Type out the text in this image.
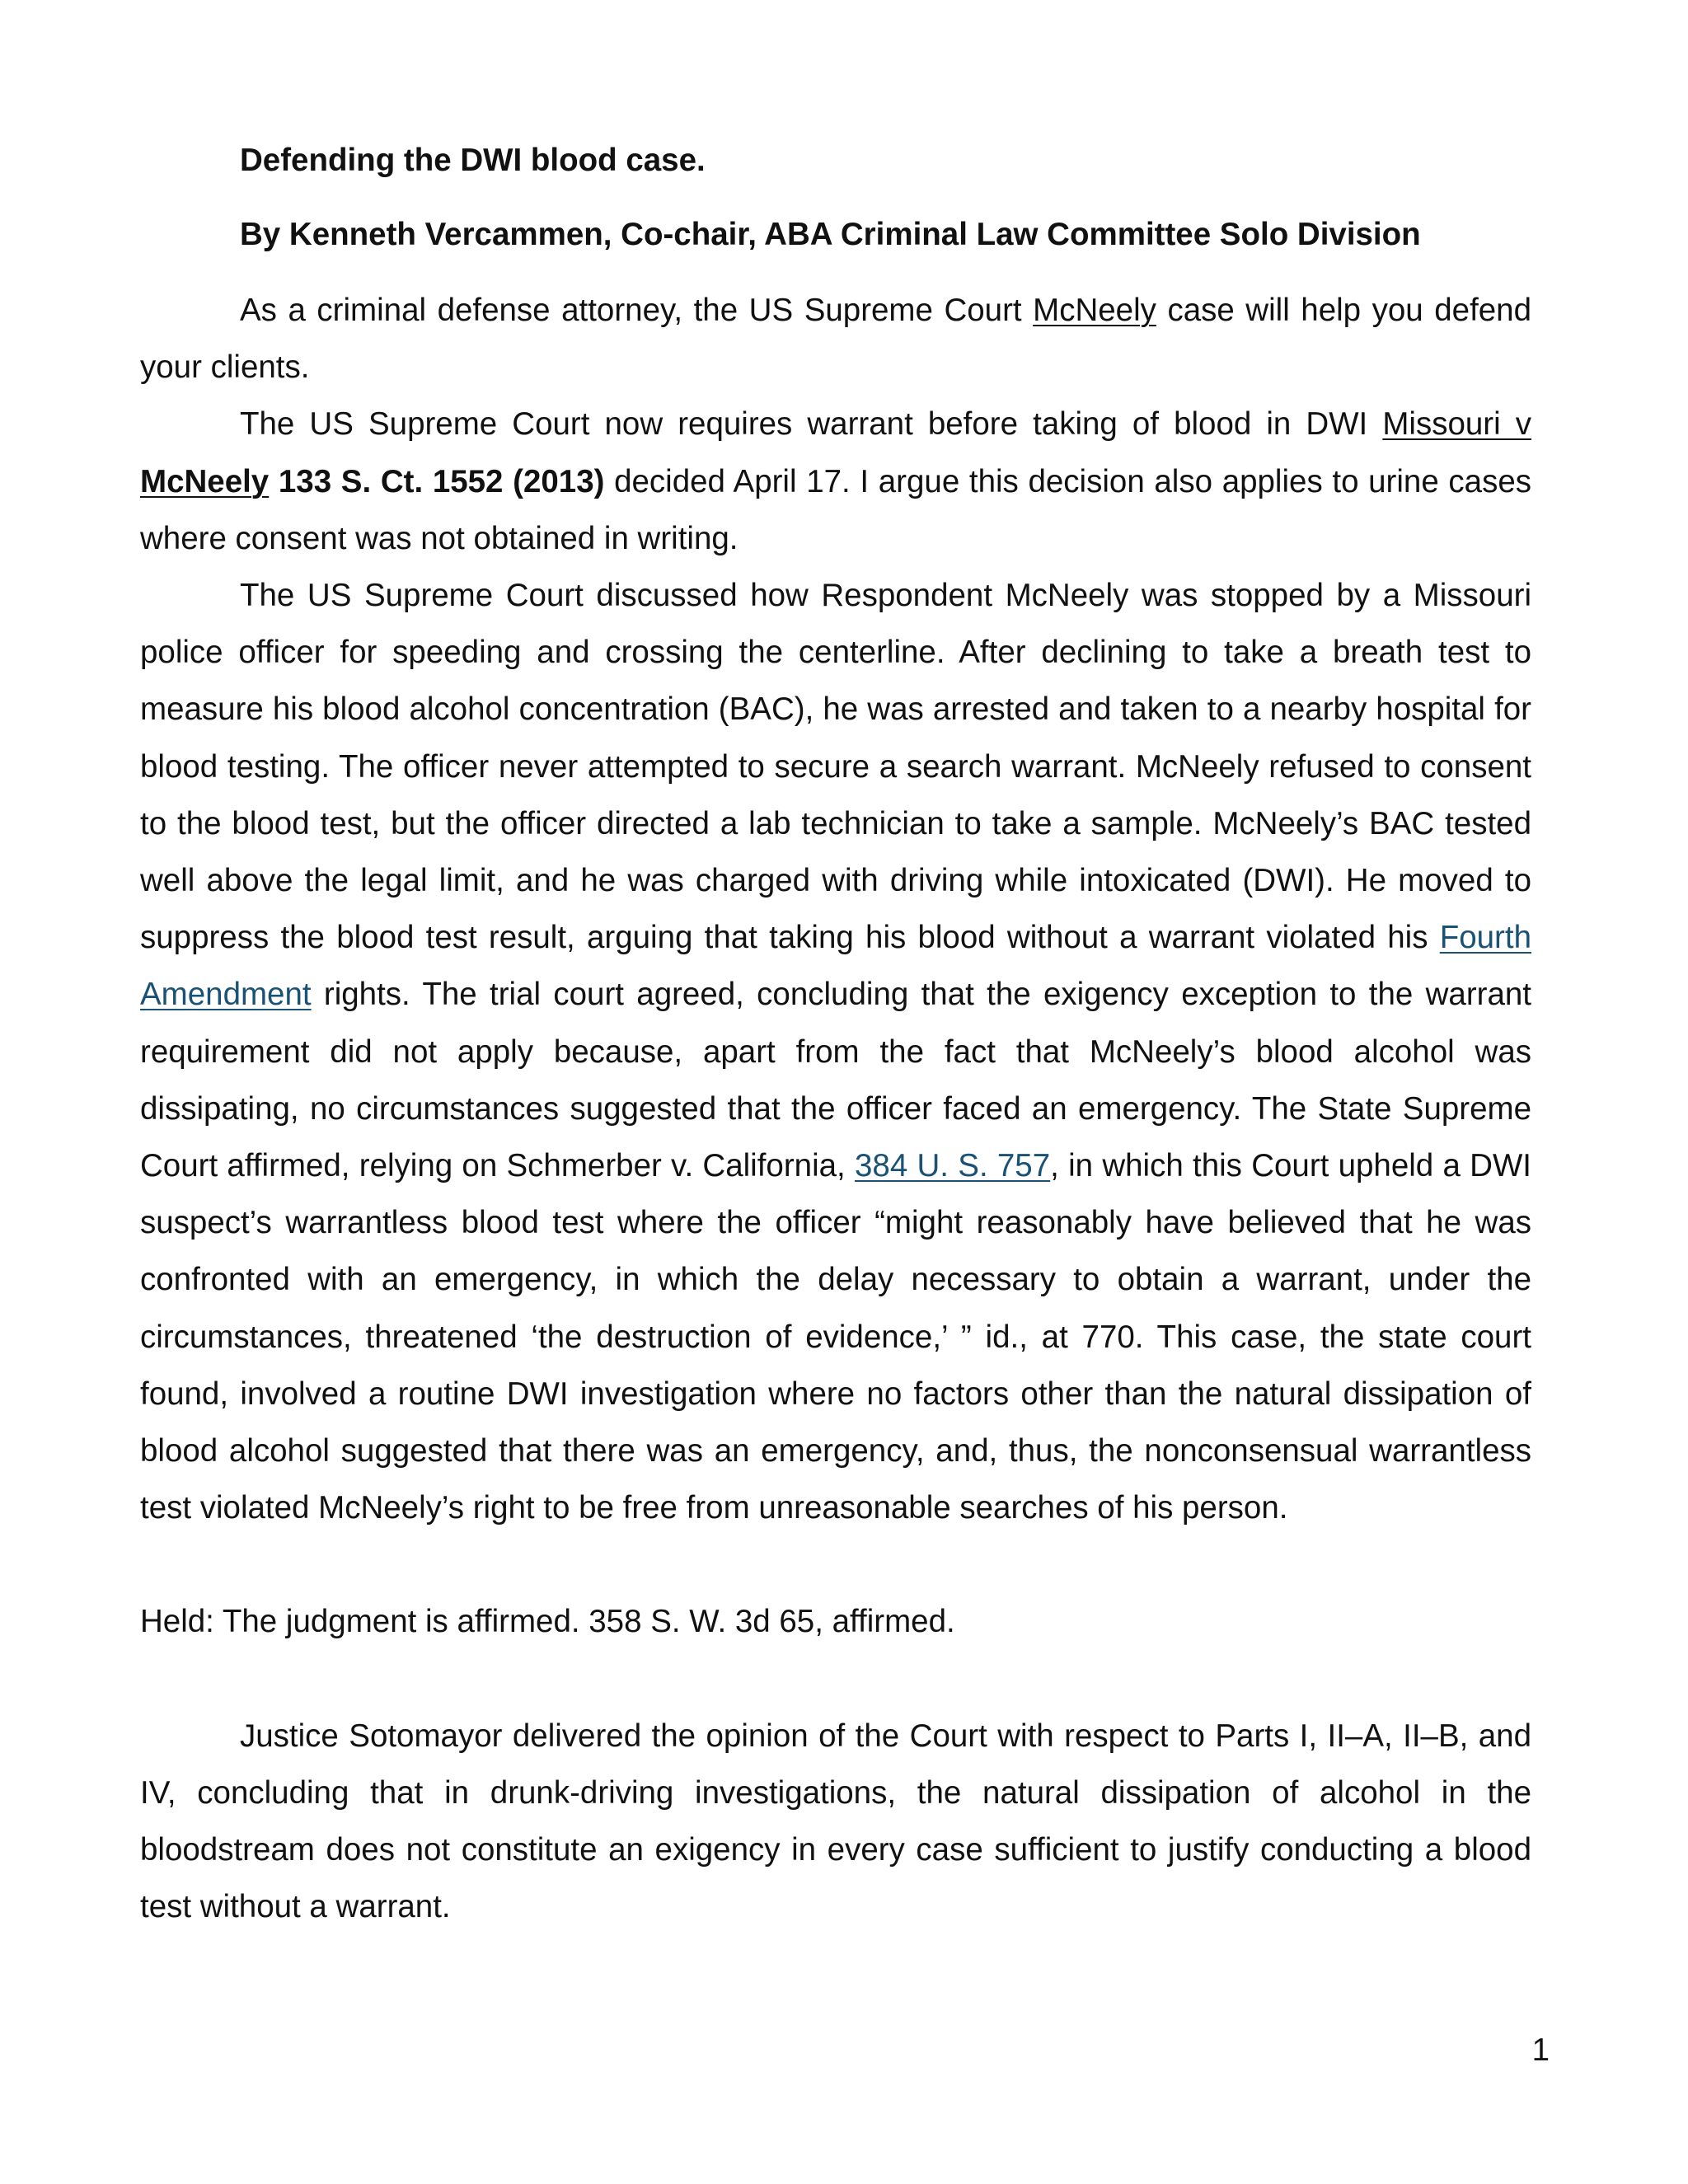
Defending the DWI blood case.
By Kenneth Vercammen, Co-chair, ABA Criminal Law Committee Solo Division

As a criminal defense attorney, the US Supreme Court McNeely case will help you defend your clients.

The US Supreme Court now requires warrant before taking of blood in DWI Missouri v McNeely 133 S. Ct. 1552 (2013) decided April 17. I argue this decision also applies to urine cases where consent was not obtained in writing.

The US Supreme Court discussed how Respondent McNeely was stopped by a Missouri police officer for speeding and crossing the centerline. After declining to take a breath test to measure his blood alcohol concentration (BAC), he was arrested and taken to a nearby hospital for blood testing. The officer never attempted to secure a search warrant. McNeely refused to consent to the blood test, but the officer directed a lab technician to take a sample. McNeely’s BAC tested well above the legal limit, and he was charged with driving while intoxicated (DWI). He moved to suppress the blood test result, arguing that taking his blood without a warrant violated his Fourth Amendment rights. The trial court agreed, concluding that the exigency exception to the warrant requirement did not apply because, apart from the fact that McNeely’s blood alcohol was dissipating, no circumstances suggested that the officer faced an emergency. The State Supreme Court affirmed, relying on Schmerber v. California, 384 U. S. 757, in which this Court upheld a DWI suspect’s warrantless blood test where the officer “might reasonably have believed that he was confronted with an emergency, in which the delay necessary to obtain a warrant, under the circumstances, threatened ‘the destruction of evidence,’ ” id., at 770. This case, the state court found, involved a routine DWI investigation where no factors other than the natural dissipation of blood alcohol suggested that there was an emergency, and, thus, the nonconsensual warrantless test violated McNeely’s right to be free from unreasonable searches of his person.

Held: The judgment is affirmed. 358 S. W. 3d 65, affirmed.

Justice Sotomayor delivered the opinion of the Court with respect to Parts I, II–A, II–B, and IV, concluding that in drunk-driving investigations, the natural dissipation of alcohol in the bloodstream does not constitute an exigency in every case sufficient to justify conducting a blood test without a warrant.

1
